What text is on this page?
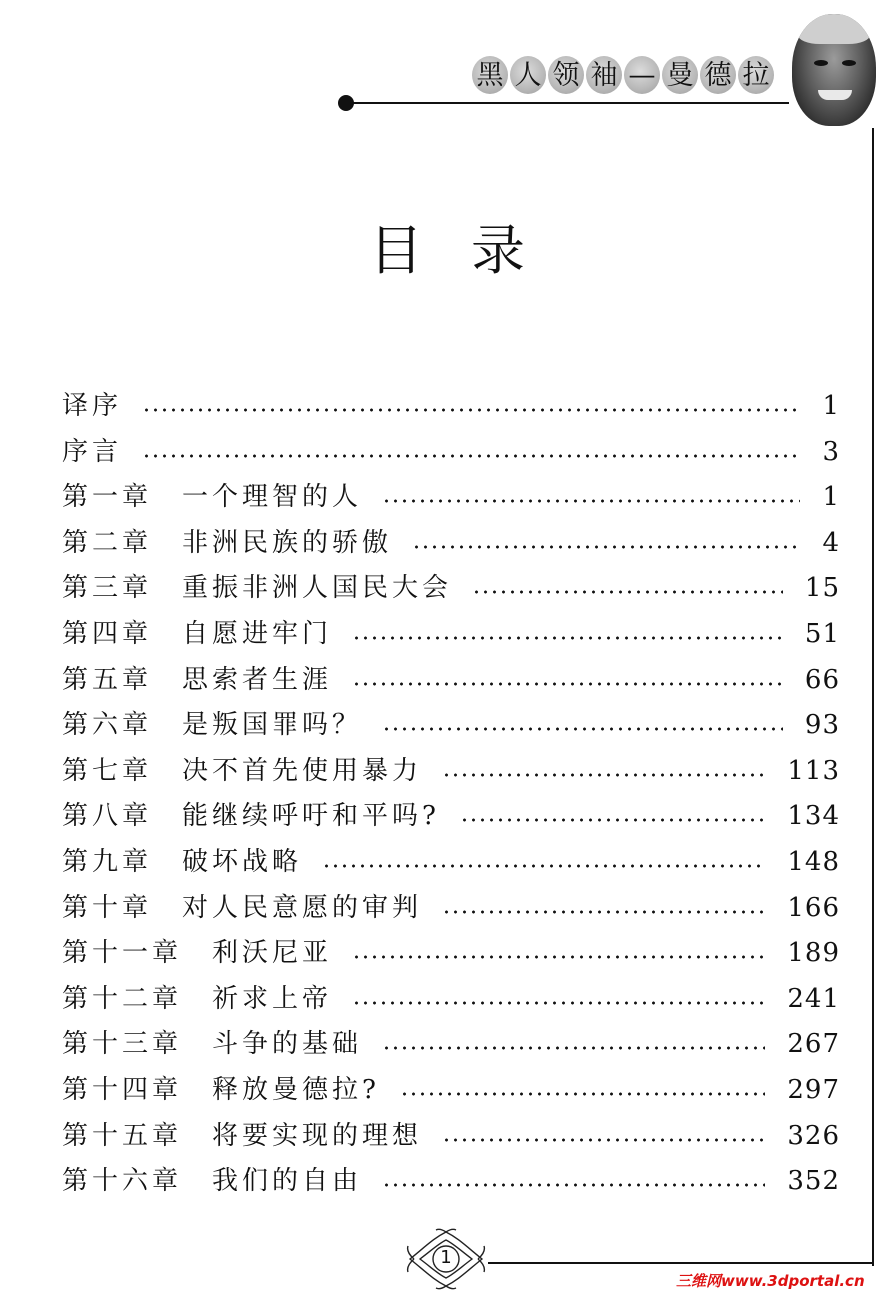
黑 人 领 袖 — 曼 德 拉
目录
译序	1
序言	3
第一章 一个理智的人	1
第二章 非洲民族的骄傲	4
第三章 重振非洲人国民大会	15
第四章 自愿进牢门	51
第五章 思索者生涯	66
第六章 是叛国罪吗？	93
第七章 决不首先使用暴力	113
第八章 能继续呼吁和平吗?	134
第九章 破坏战略	148
第十章 对人民意愿的审判	166
第十一章 利沃尼亚	189
第十二章 祈求上帝	241
第十三章 斗争的基础	267
第十四章 释放曼德拉?	297
第十五章 将要实现的理想	326
第十六章 我们的自由	352
1
三维网www.3dportal.cn
